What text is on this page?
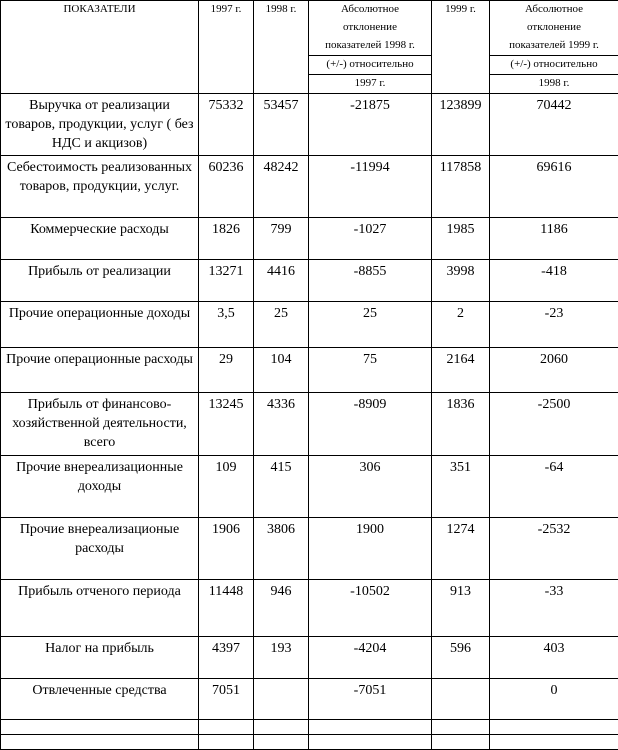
ПОКАЗАТЕЛИ	1997 г.	1998 г.	Абсолютное	1999 г.	Абсолютное
			отклонение		отклонение
			показателей 1998 г.		показателей 1999 г.
			(+/-) относительно		(+/-) относительно
			1997 г.		1998 г.
Выручка от реализации товаров, продукции, услуг ( без НДС и акцизов)	75332	53457	-21875	123899	70442
Себестоимость реализованных товаров, продукции, услуг.	60236	48242	-11994	117858	69616
Коммерческие расходы	1826	799	-1027	1985	1186
Прибыль от реализации	13271	4416	-8855	3998	-418
Прочие операционные доходы	3,5	25	25	2	-23
Прочие операционные расходы	29	104	75	2164	2060
Прибыль от финансово-хозяйственной деятельности, всего	13245	4336	-8909	1836	-2500
Прочие внереализационные доходы	109	415	306	351	-64
Прочие внереализационые расходы	1906	3806	1900	1274	-2532
Прибыль отченого периода	11448	946	-10502	913	-33
Налог на прибыль	4397	193	-4204	596	403
Отвлеченные средства	7051		-7051		0
